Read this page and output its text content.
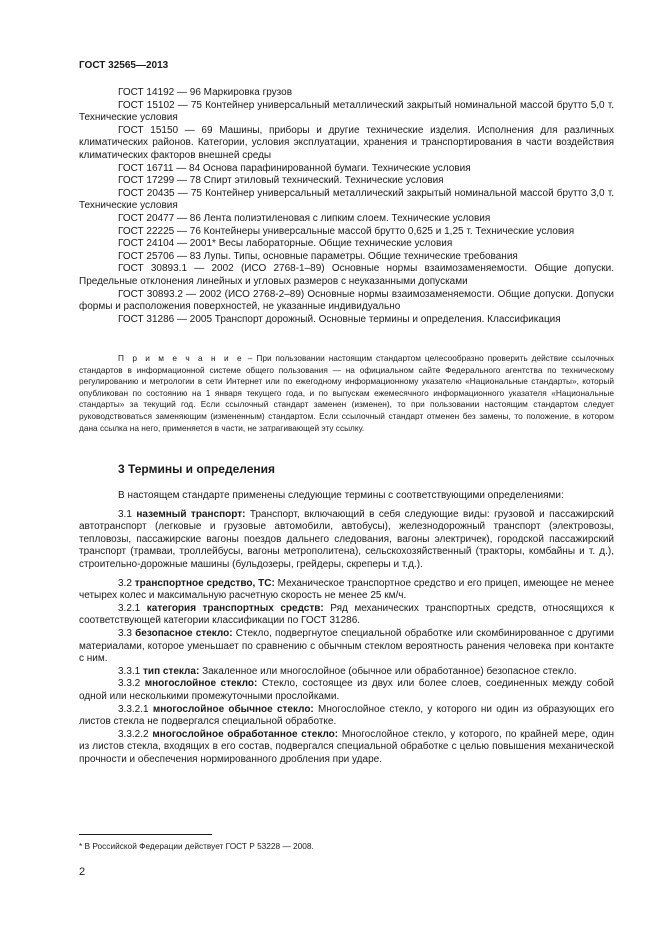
ГОСТ 32565—2013

ГОСТ 14192 — 96 Маркировка грузов

ГОСТ 15102 — 75 Контейнер универсальный металлический закрытый номинальной массой брутто 5,0 т. Технические условия

ГОСТ 15150 — 69 Машины, приборы и другие технические изделия. Исполнения для различных климатических районов. Категории, условия эксплуатации, хранения и транспортирования в части воздействия климатических факторов внешней среды

ГОСТ 16711 — 84 Основа парафинированной бумаги. Технические условия

ГОСТ 17299 — 78 Спирт этиловый технический. Технические условия

ГОСТ 20435 — 75 Контейнер универсальный металлический закрытый номинальной массой брутто 3,0 т. Технические условия

ГОСТ 20477 — 86 Лента полиэтиленовая с липким слоем. Технические условия

ГОСТ 22225 — 76 Контейнеры универсальные массой брутто 0,625 и 1,25 т. Технические условия

ГОСТ 24104 — 2001* Весы лабораторные. Общие технические условия

ГОСТ 25706 — 83 Лупы. Типы, основные параметры. Общие технические требования

ГОСТ 30893.1 — 2002 (ИСО 2768-1–89) Основные нормы взаимозаменяемости. Общие допуски. Предельные отклонения линейных и угловых размеров с неуказанными допусками

ГОСТ 30893.2 — 2002 (ИСО 2768-2–89) Основные нормы взаимозаменяемости. Общие допуски. Допуски формы и расположения поверхностей, не указанные индивидуально

ГОСТ 31286 — 2005 Транспорт дорожный. Основные термины и определения. Классификация

П р и м е ч а н и е – При пользовании настоящим стандартом целесообразно проверить действие ссылочных стандартов в информационной системе общего пользования — на официальном сайте Федерального агентства по техническому регулированию и метрологии в сети Интернет или по ежегодному информационному указателю «Национальные стандарты», который опубликован по состоянию на 1 января текущего года, и по выпускам ежемесячного информационного указателя «Национальные стандарты» за текущий год. Если ссылочный стандарт заменен (изменен), то при пользовании настоящим стандартом следует руководствоваться заменяющим (измененным) стандартом. Если ссылочный стандарт отменен без замены, то положение, в котором дана ссылка на него, применяется в части, не затрагивающей эту ссылку.

3 Термины и определения

В настоящем стандарте применены следующие термины с соответствующими определениями:

3.1 наземный транспорт: Транспорт, включающий в себя следующие виды: грузовой и пассажирский автотранспорт (легковые и грузовые автомобили, автобусы), железнодорожный транспорт (электровозы, тепловозы, пассажирские вагоны поездов дальнего следования, вагоны электричек), городской пассажирский транспорт (трамваи, троллейбусы, вагоны метрополитена), сельскохозяйственный (тракторы, комбайны и т. д.), строительно-дорожные машины (бульдозеры, грейдеры, скреперы и т.д.).

3.2 транспортное средство, ТС: Механическое транспортное средство и его прицеп, имеющее не менее четырех колес и максимальную расчетную скорость не менее 25 км/ч.

3.2.1 категория транспортных средств: Ряд механических транспортных средств, относящихся к соответствующей категории классификации по ГОСТ 31286.

3.3 безопасное стекло: Стекло, подвергнутое специальной обработке или скомбинированное с другими материалами, которое уменьшает по сравнению с обычным стеклом вероятность ранения человека при контакте с ним.

3.3.1 тип стекла: Закаленное или многослойное (обычное или обработанное) безопасное стекло.

3.3.2 многослойное стекло: Стекло, состоящее из двух или более слоев, соединенных между собой одной или несколькими промежуточными прослойками.

3.3.2.1 многослойное обычное стекло: Многослойное стекло, у которого ни один из образующих его листов стекла не подвергался специальной обработке.

3.3.2.2 многослойное обработанное стекло: Многослойное стекло, у которого, по крайней мере, один из листов стекла, входящих в его состав, подвергался специальной обработке с целью повышения механической прочности и обеспечения нормированного дробления при ударе.

* В Российской Федерации действует ГОСТ Р 53228 — 2008.
2
